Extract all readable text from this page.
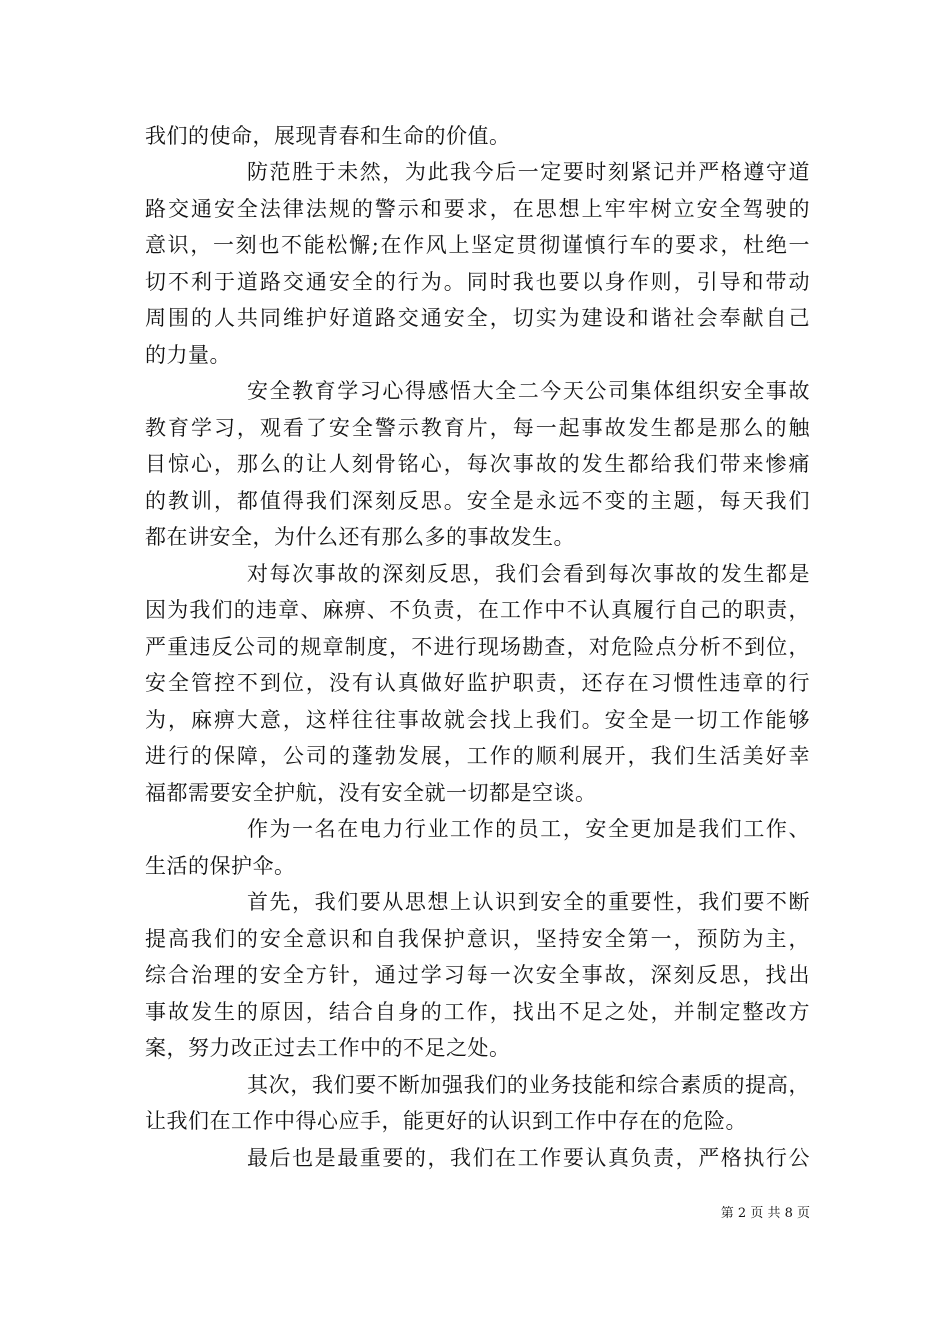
我们的使命，展现青春和生命的价值。
防范胜于未然，为此我今后一定要时刻紧记并严格遵守道
路交通安全法律法规的警示和要求，在思想上牢牢树立安全驾驶的
意识，一刻也不能松懈;在作风上坚定贯彻谨慎行车的要求，杜绝一
切不利于道路交通安全的行为。同时我也要以身作则，引导和带动
周围的人共同维护好道路交通安全，切实为建设和谐社会奉献自己
的力量。
安全教育学习心得感悟大全二今天公司集体组织安全事故
教育学习，观看了安全警示教育片，每一起事故发生都是那么的触
目惊心，那么的让人刻骨铭心，每次事故的发生都给我们带来惨痛
的教训，都值得我们深刻反思。安全是永远不变的主题，每天我们
都在讲安全，为什么还有那么多的事故发生。
对每次事故的深刻反思，我们会看到每次事故的发生都是
因为我们的违章、麻痹、不负责，在工作中不认真履行自己的职责，
严重违反公司的规章制度，不进行现场勘查，对危险点分析不到位，
安全管控不到位，没有认真做好监护职责，还存在习惯性违章的行
为，麻痹大意，这样往往事故就会找上我们。安全是一切工作能够
进行的保障，公司的蓬勃发展，工作的顺利展开，我们生活美好幸
福都需要安全护航，没有安全就一切都是空谈。
作为一名在电力行业工作的员工，安全更加是我们工作、
生活的保护伞。
首先，我们要从思想上认识到安全的重要性，我们要不断
提高我们的安全意识和自我保护意识，坚持安全第一，预防为主，
综合治理的安全方针，通过学习每一次安全事故，深刻反思，找出
事故发生的原因，结合自身的工作，找出不足之处，并制定整改方
案，努力改正过去工作中的不足之处。
其次，我们要不断加强我们的业务技能和综合素质的提高，
让我们在工作中得心应手，能更好的认识到工作中存在的危险。
最后也是最重要的，我们在工作要认真负责，严格执行公
第 2 页 共 8 页
